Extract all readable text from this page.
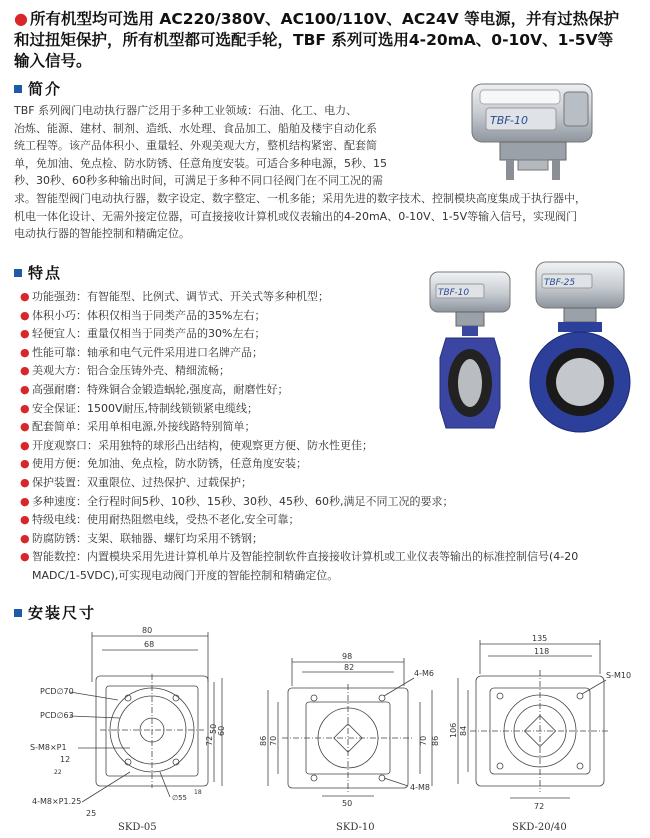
● 所有机型均可选用 AC220/380V、AC100/110V、AC24V 等电源，并有过热保护
和过扭矩保护，所有机型都可选配手轮，TBF 系列可选用4-20mA、0-10V、1-5V等
输入信号。
简介
TBF 系列阀门电动执行器广泛用于多种工业领域：石油、化工、电力、
冶炼、能源、建材、制剂、造纸、水处理、食品加工、船舶及楼宇自动化系
统工程等。该产品体积小、重量轻、外观美观大方，整机结构紧密、配套简
单，免加油、免点检、防水防锈、任意角度安装。可适合多种电源，5秒、15
秒、30秒、60秒多种输出时间，可满足于多种不同口径阀门在不同工况的需
求。智能型阀门电动执行器，数字设定、数字整定、一机多能；采用先进的数字技术、控制模块高度集成于执行器中，
机电一体化设计、无需外接定位器，可直接接收计算机或仪表输出的4-20mA、0-10V、1-5V等输入信号，实现阀门
电动执行器的智能控制和精确定位。
TBF-10
特点
● 功能强劲：有智能型、比例式、调节式、开关式等多种机型；
● 体积小巧：体积仅相当于同类产品的35%左右；
● 轻便宜人：重量仅相当于同类产品的30%左右；
● 性能可靠：轴承和电气元件采用进口名牌产品；
● 美观大方：铝合金压铸外壳、精细流畅；
● 高强耐磨：特殊铜合金锻造蜗轮,强度高，耐磨性好；
● 安全保证：1500V耐压,特制线锁锁紧电缆线；
● 配套简单：采用单相电源,外接线路特别简单；
● 开度观察口：采用独特的球形凸出结构，使观察更方便、防水性更佳；
● 使用方便：免加油、免点检，防水防锈，任意角度安装；
● 保护装置：双重限位、过热保护、过载保护；
● 多种速度：全行程时间5秒、10秒、15秒、30秒、45秒、60秒,满足不同工况的要求；
● 特级电线：使用耐热阻燃电线，受热不老化,安全可靠；
● 防腐防锈：支架、联轴器、螺钉均采用不锈钢；
● 智能数控：内置模块采用先进计算机单片及智能控制软件直接接收计算机或工业仪表等输出的标准控制信号(4-20
MADC/1-5VDC),可实现电动阀门开度的智能控制和精确定位。
TBF-10
TBF-25
安装尺寸
80
68
50 60
72
PCD∅70
PCD∅63
S-M8×P1
12
4-M8×P1.25
25
∅55
22
18
SKD-05
98
82
86 70	70 86
4-M6
4-M8
50
SKD-10
135
118
106 84
S-M10
72
SKD-20/40
